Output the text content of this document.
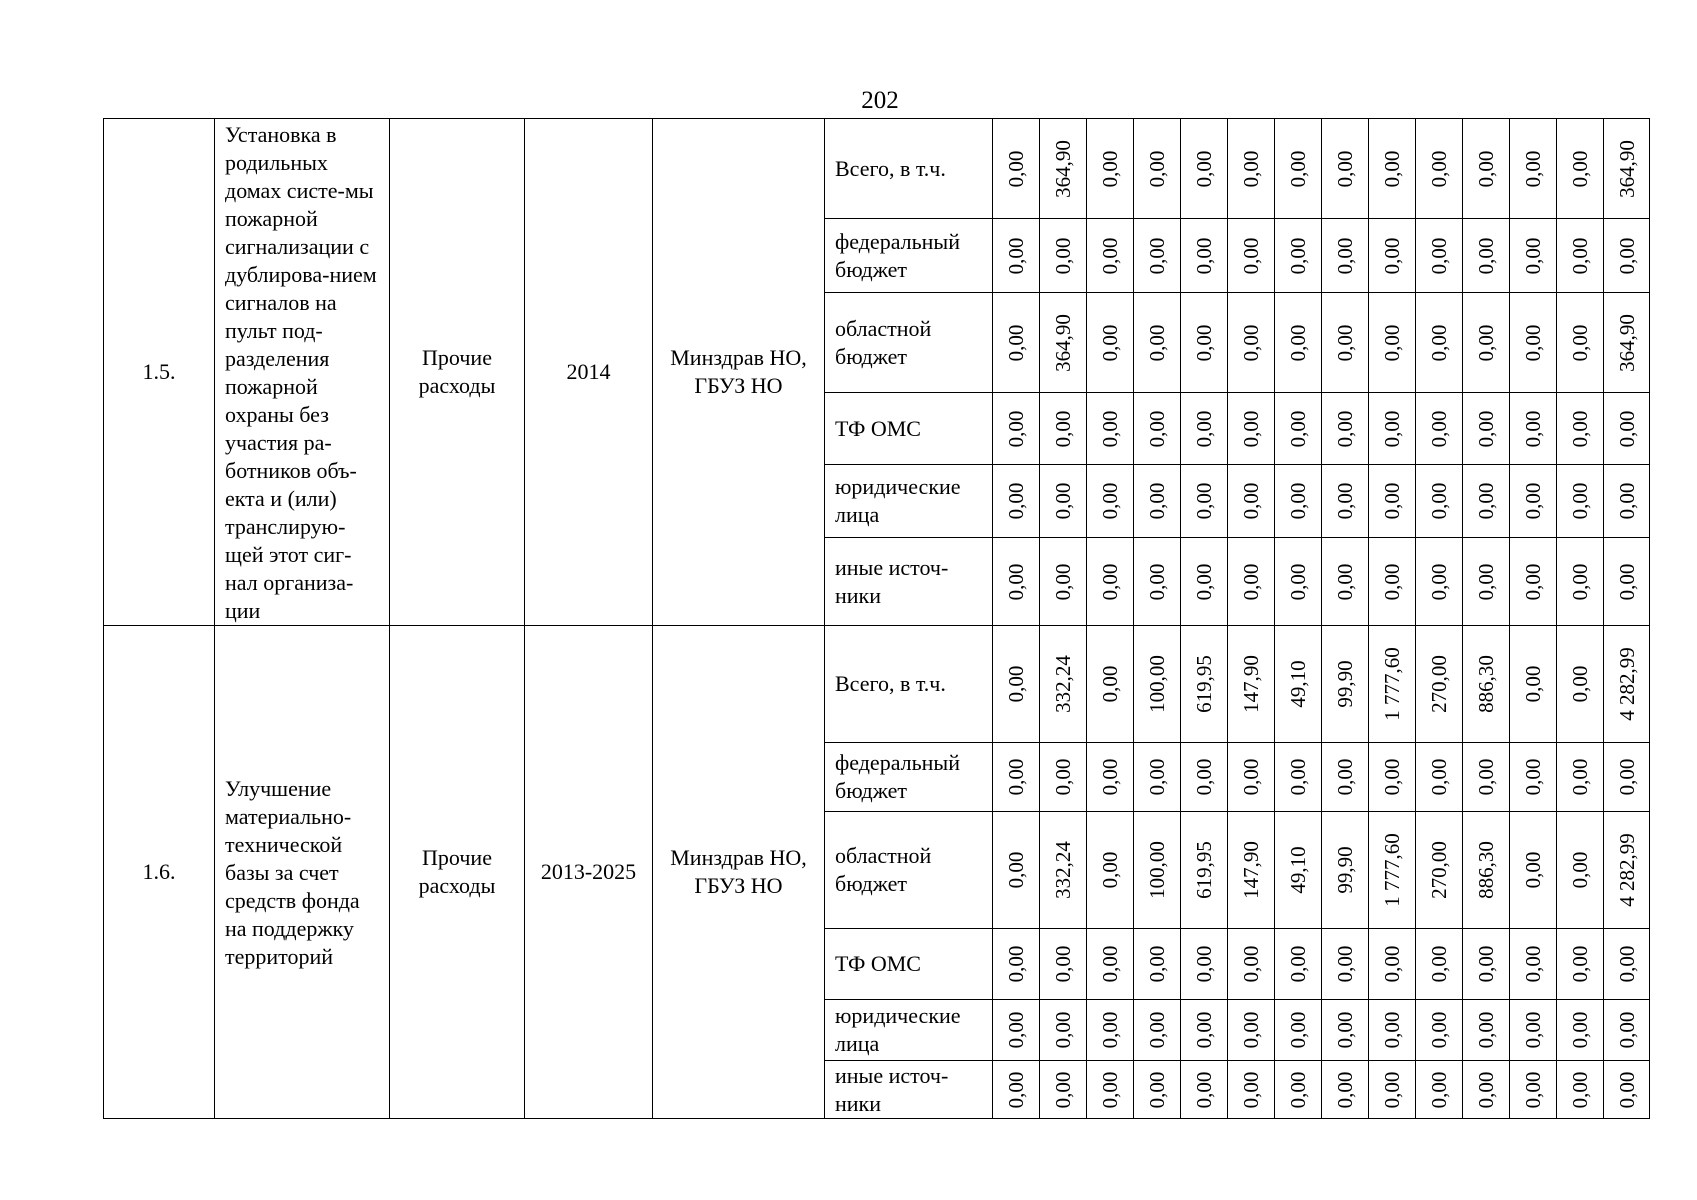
202
1.5.	Установка в родильных домах систе-мы пожарной сигнализации с дублирова-нием сигналов на пульт под-разделения пожарной охраны без участия ра-ботников объ-екта и (или) транслирую-щей этот сиг-нал организа-ции	Прочие расходы	2014	Минздрав НО, ГБУЗ НО	Всего, в т.ч.	0,00	364,90	0,00	0,00	0,00	0,00	0,00	0,00	0,00	0,00	0,00	0,00	0,00	364,90

					федеральный бюджет	0,00	0,00	0,00	0,00	0,00	0,00	0,00	0,00	0,00	0,00	0,00	0,00	0,00	0,00

					областной бюджет	0,00	364,90	0,00	0,00	0,00	0,00	0,00	0,00	0,00	0,00	0,00	0,00	0,00	364,90

					ТФ ОМС	0,00	0,00	0,00	0,00	0,00	0,00	0,00	0,00	0,00	0,00	0,00	0,00	0,00	0,00

					юридические лица	0,00	0,00	0,00	0,00	0,00	0,00	0,00	0,00	0,00	0,00	0,00	0,00	0,00	0,00

					иные источ-ники	0,00	0,00	0,00	0,00	0,00	0,00	0,00	0,00	0,00	0,00	0,00	0,00	0,00	0,00

1.6.	Улучшение материально-технической базы за счет средств фонда на поддержку территорий	Прочие расходы	2013-2025	Минздрав НО, ГБУЗ НО	Всего, в т.ч.	0,00	332,24	0,00	100,00	619,95	147,90	49,10	99,90	1 777,60	270,00	886,30	0,00	0,00	4 282,99

					федеральный бюджет	0,00	0,00	0,00	0,00	0,00	0,00	0,00	0,00	0,00	0,00	0,00	0,00	0,00	0,00

					областной бюджет	0,00	332,24	0,00	100,00	619,95	147,90	49,10	99,90	1 777,60	270,00	886,30	0,00	0,00	4 282,99

					ТФ ОМС	0,00	0,00	0,00	0,00	0,00	0,00	0,00	0,00	0,00	0,00	0,00	0,00	0,00	0,00

					юридические лица	0,00	0,00	0,00	0,00	0,00	0,00	0,00	0,00	0,00	0,00	0,00	0,00	0,00	0,00

					иные источ-ники	0,00	0,00	0,00	0,00	0,00	0,00	0,00	0,00	0,00	0,00	0,00	0,00	0,00	0,00
